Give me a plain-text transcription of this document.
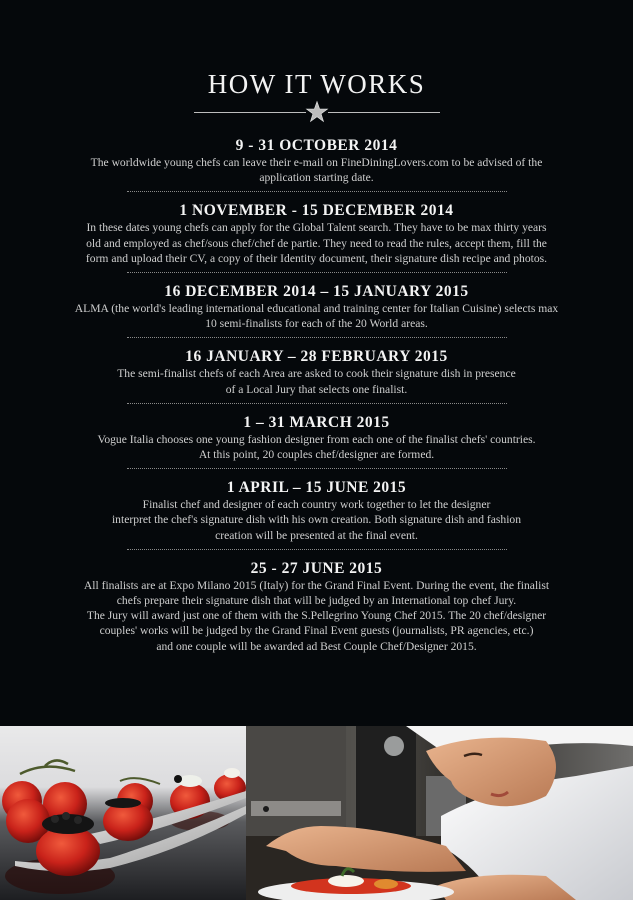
HOW IT WORKS
9 - 31 OCTOBER 2014

The worldwide young chefs can leave their e-mail on FineDiningLovers.com to be advised of the

application starting date.

1 NOVEMBER - 15 DECEMBER 2014

In these dates young chefs can apply for the Global Talent search. They have to be max thirty years

old and employed as chef/sous chef/chef de partie. They need to read the rules, accept them, fill the

form and upload their CV, a copy of their Identity document, their signature dish recipe and photos.

16 DECEMBER 2014 – 15 JANUARY 2015

ALMA (the world's leading international educational and training center for Italian Cuisine) selects max

10 semi-finalists for each of the 20 World areas.

16 JANUARY – 28 FEBRUARY 2015

The semi-finalist chefs of each Area are asked to cook their signature dish in presence

of a Local Jury that selects one finalist.

1 – 31 MARCH 2015

Vogue Italia chooses one young fashion designer from each one of the finalist chefs' countries.

At this point, 20 couples chef/designer are formed.

1 APRIL – 15 JUNE 2015

Finalist chef and designer of each country work together to let the designer

interpret the chef's signature dish with his own creation. Both signature dish and fashion

creation will be presented at the final event.

25 - 27 JUNE 2015

All finalists are at Expo Milano 2015 (Italy) for the Grand Final Event. During the event, the finalist

chefs prepare their signature dish that will be judged by an International top chef Jury.

The Jury will award just one of them with the S.Pellegrino Young Chef 2015. The 20 chef/designer

couples' works will be judged by the Grand Final Event guests (journalists, PR agencies, etc.)

and one couple will be awarded ad Best Couple Chef/Designer 2015.
